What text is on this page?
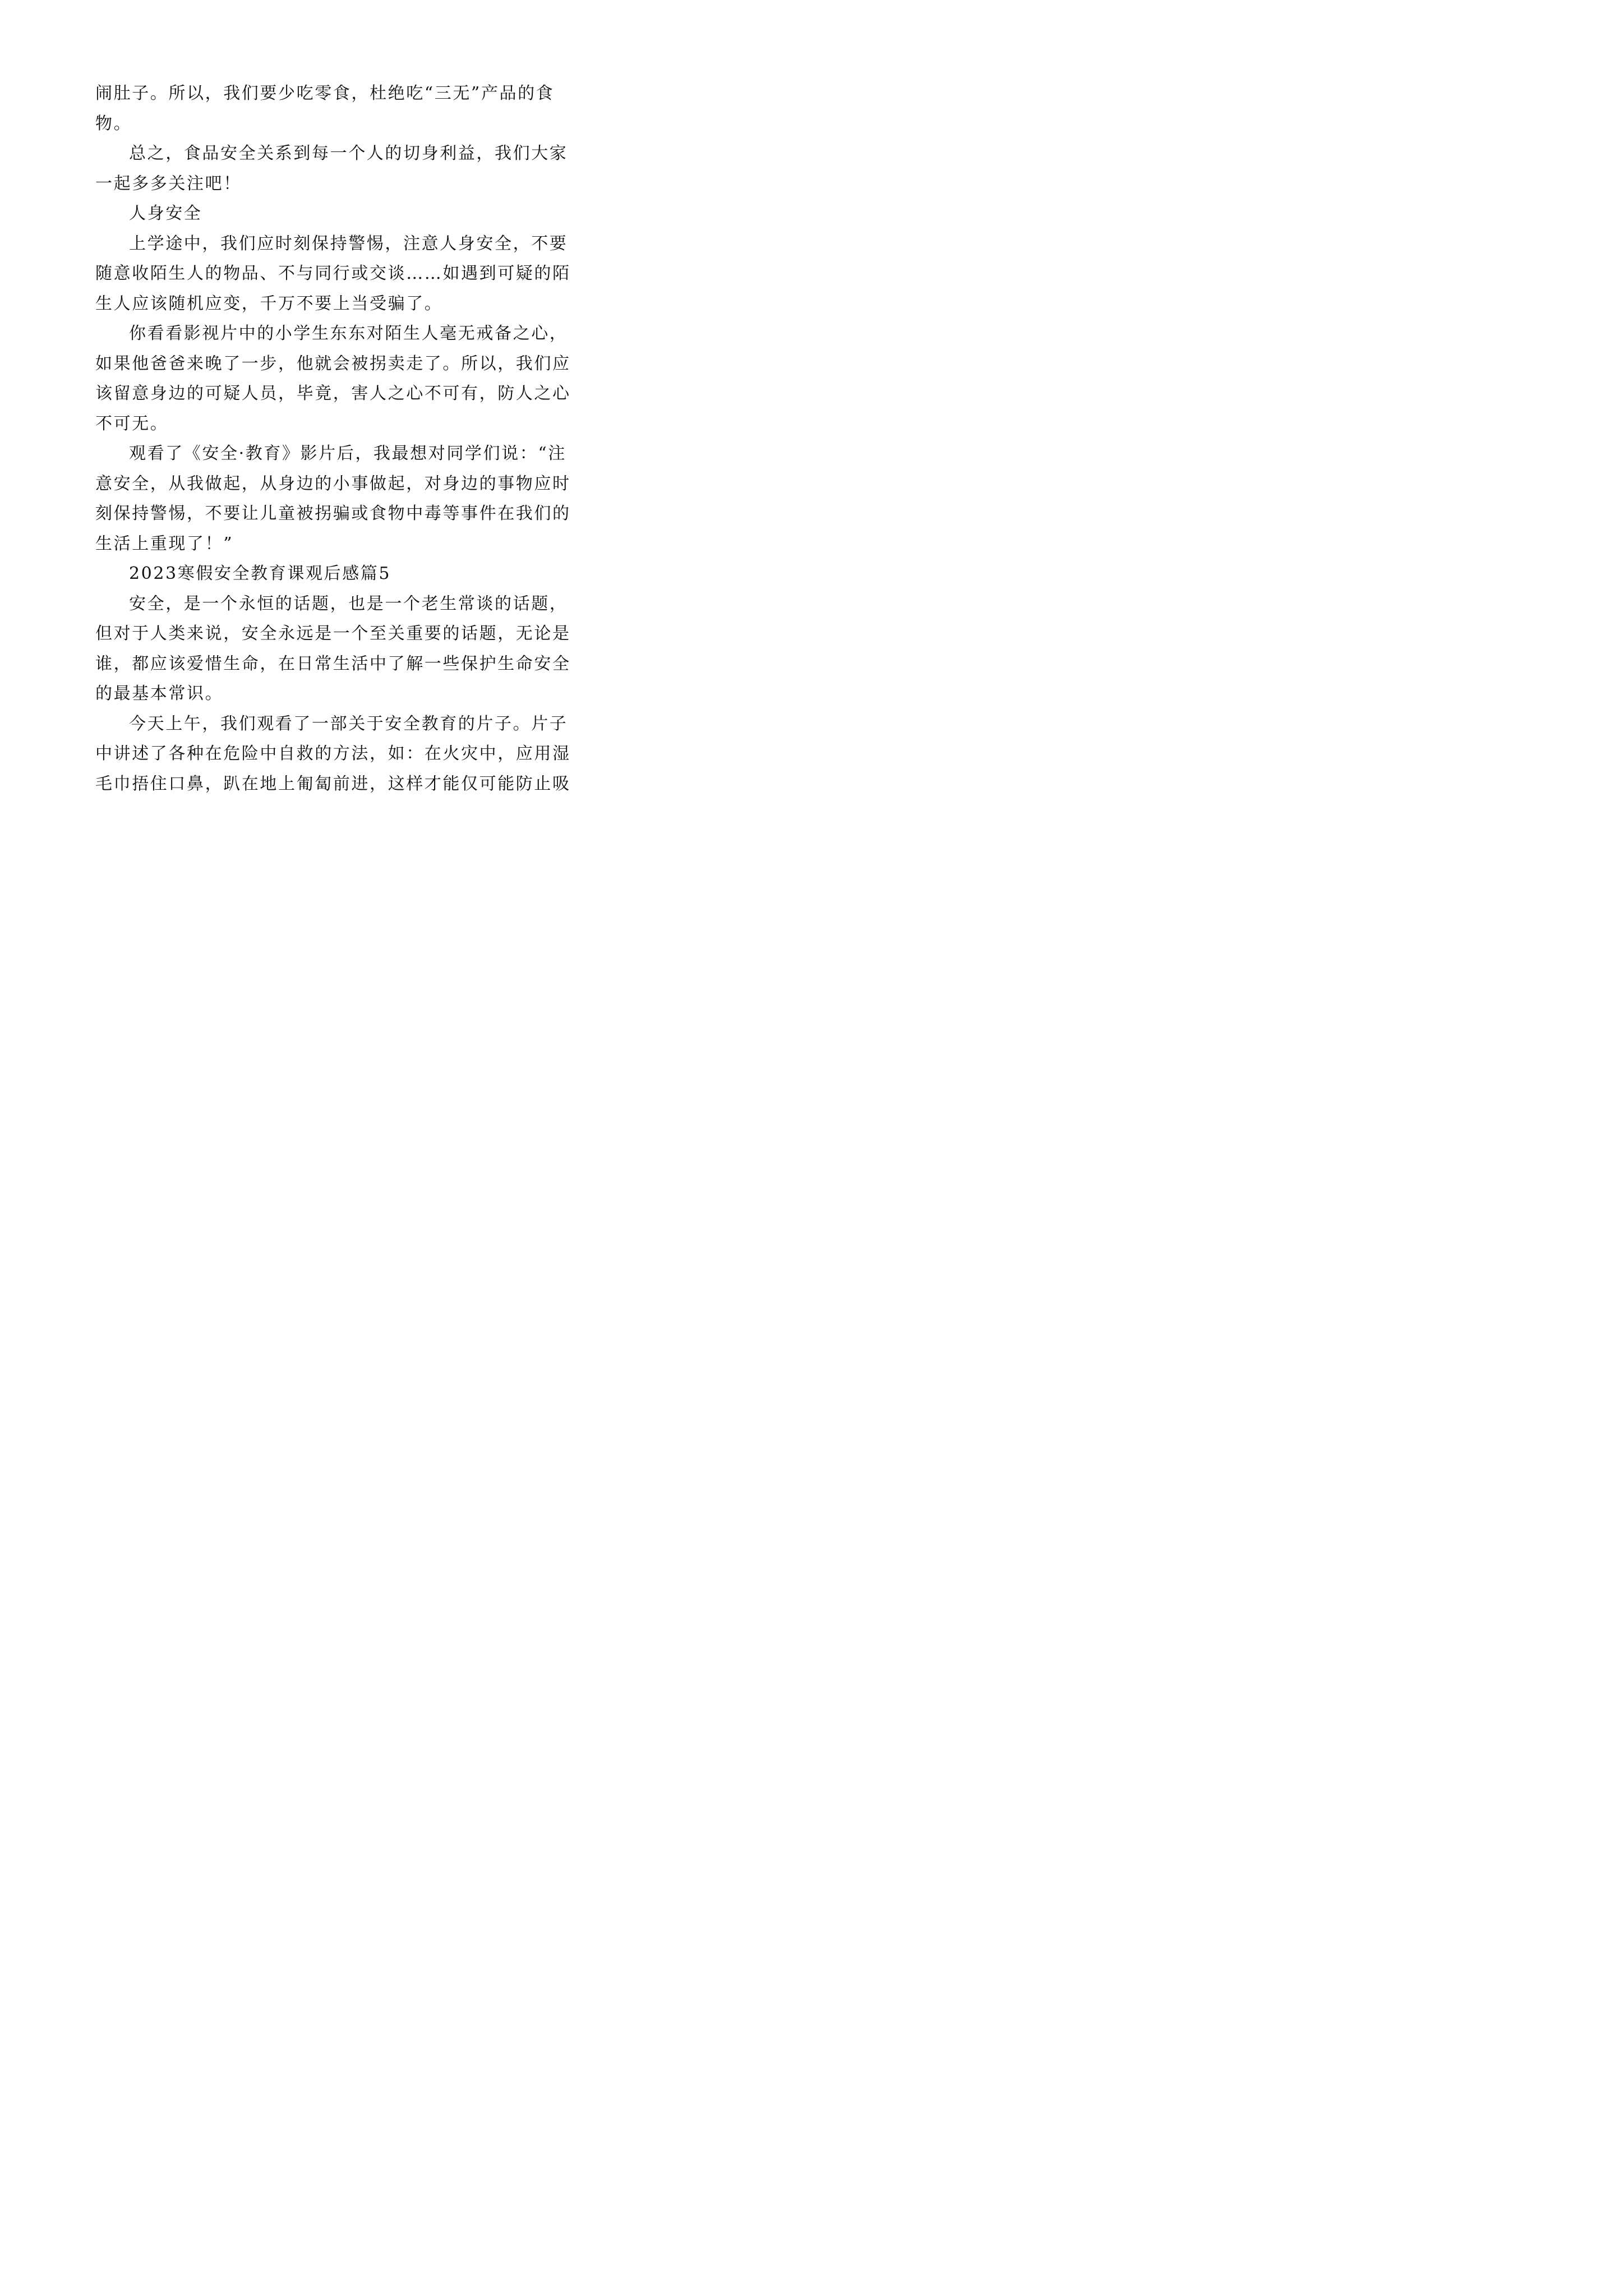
闹肚子。所以，我们要少吃零食，杜绝吃“三无”产品的食
物。
总之，食品安全关系到每一个人的切身利益，我们大家
一起多多关注吧！
人身安全
上学途中，我们应时刻保持警惕，注意人身安全，不要
随意收陌生人的物品、不与同行或交谈……如遇到可疑的陌
生人应该随机应变，千万不要上当受骗了。
你看看影视片中的小学生东东对陌生人毫无戒备之心，
如果他爸爸来晚了一步，他就会被拐卖走了。所以，我们应
该留意身边的可疑人员，毕竟，害人之心不可有，防人之心
不可无。
观看了《安全·教育》影片后，我最想对同学们说：“注
意安全，从我做起，从身边的小事做起，对身边的事物应时
刻保持警惕，不要让儿童被拐骗或食物中毒等事件在我们的
生活上重现了！”
2023寒假安全教育课观后感篇5
安全，是一个永恒的话题，也是一个老生常谈的话题，
但对于人类来说，安全永远是一个至关重要的话题，无论是
谁，都应该爱惜生命，在日常生活中了解一些保护生命安全
的最基本常识。
今天上午，我们观看了一部关于安全教育的片子。片子
中讲述了各种在危险中自救的方法，如：在火灾中，应用湿
毛巾捂住口鼻，趴在地上匍匐前进，这样才能仅可能防止吸
